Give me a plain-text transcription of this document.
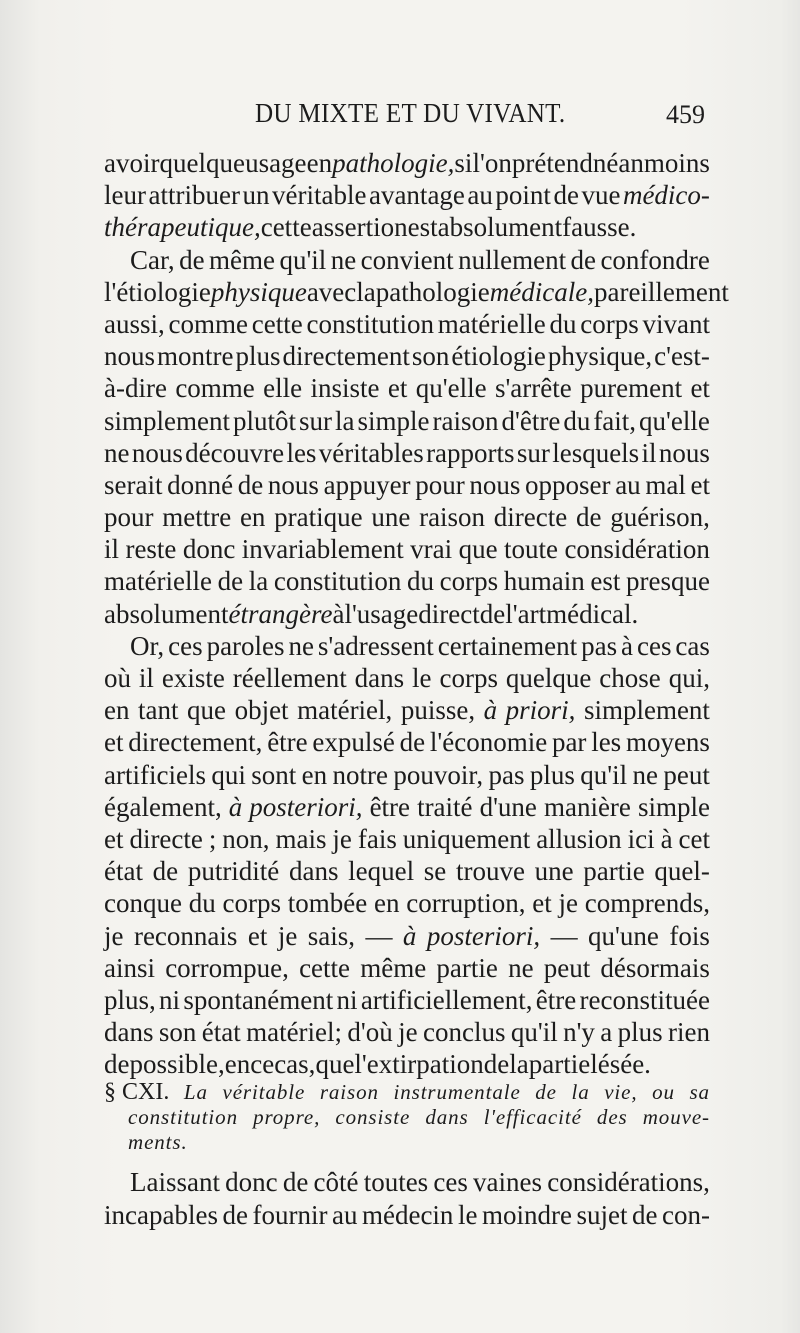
DU MIXTE ET DU VIVANT.	459
avoir quelque usage en pathologie, si l'on prétend néanmoins
leur attribuer un véritable avantage au point de vue médico-
thérapeutique, cette assertion est absolument fausse.
Car, de même qu'il ne convient nullement de confondre
l'étiologie physique avec la pathologie médicale, pareillement
aussi, comme cette constitution matérielle du corps vivant
nous montre plus directement son étiologie physique, c'est-
à-dire comme elle insiste et qu'elle s'arrête purement et
simplement plutôt sur la simple raison d'être du fait, qu'elle
ne nous découvre les véritables rapports sur lesquels il nous
serait donné de nous appuyer pour nous opposer au mal et
pour mettre en pratique une raison directe de guérison,
il reste donc invariablement vrai que toute considération
matérielle de la constitution du corps humain est presque
absolument étrangère à l'usage direct de l'art médical.
Or, ces paroles ne s'adressent certainement pas à ces cas
où il existe réellement dans le corps quelque chose qui,
en tant que objet matériel, puisse, à priori, simplement
et directement, être expulsé de l'économie par les moyens
artificiels qui sont en notre pouvoir, pas plus qu'il ne peut
également, à posteriori, être traité d'une manière simple
et directe ; non, mais je fais uniquement allusion ici à cet
état de putridité dans lequel se trouve une partie quel-
conque du corps tombée en corruption, et je comprends,
je reconnais et je sais, — à posteriori, — qu'une fois
ainsi corrompue, cette même partie ne peut désormais
plus, ni spontanément ni artificiellement, être reconstituée
dans son état matériel; d'où je conclus qu'il n'y a plus rien
de possible, en ce cas, que l'extirpation de la partie lésée.
§ CXI. La véritable raison instrumentale de la vie, ou sa
constitution propre, consiste dans l'efficacité des mouve-
ments.
Laissant donc de côté toutes ces vaines considérations,
incapables de fournir au médecin le moindre sujet de con-
